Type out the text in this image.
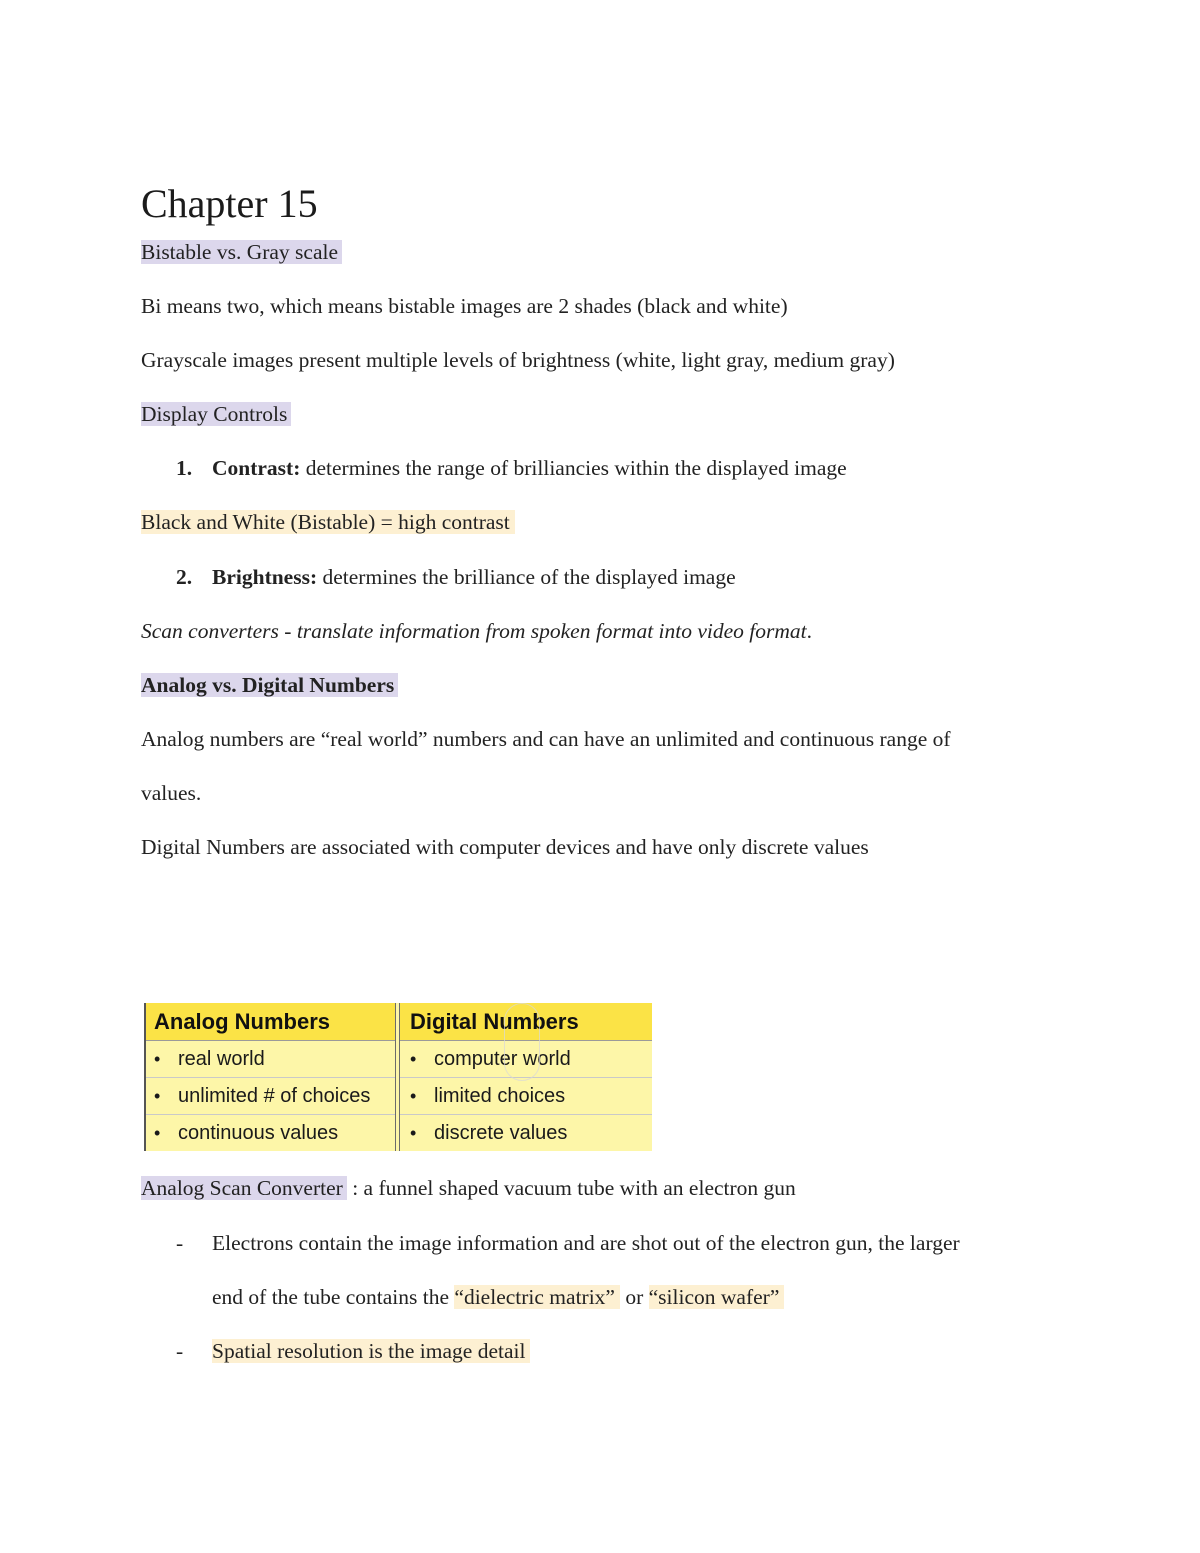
Chapter 15
Bistable vs. Gray scale
Bi means two, which means bistable images are 2 shades (black and white)
Grayscale images present multiple levels of brightness (white, light gray, medium gray)
Display Controls
1. Contrast: determines the range of brilliancies within the displayed image
Black and White (Bistable) = high contrast
2. Brightness: determines the brilliance of the displayed image
Scan converters - translate information from spoken format into video format.
Analog vs. Digital Numbers
Analog numbers are “real world” numbers and can have an unlimited and continuous range of
values.
Digital Numbers are associated with computer devices and have only discrete values
Analog Numbers
• real world
• unlimited # of choices
• continuous values
Digital Numbers
• computer world
• limited choices
• discrete values
Analog Scan Converter : a funnel shaped vacuum tube with an electron gun
- Electrons contain the image information and are shot out of the electron gun, the larger
end of the tube contains the “dielectric matrix” or “silicon wafer”
- Spatial resolution is the image detail
